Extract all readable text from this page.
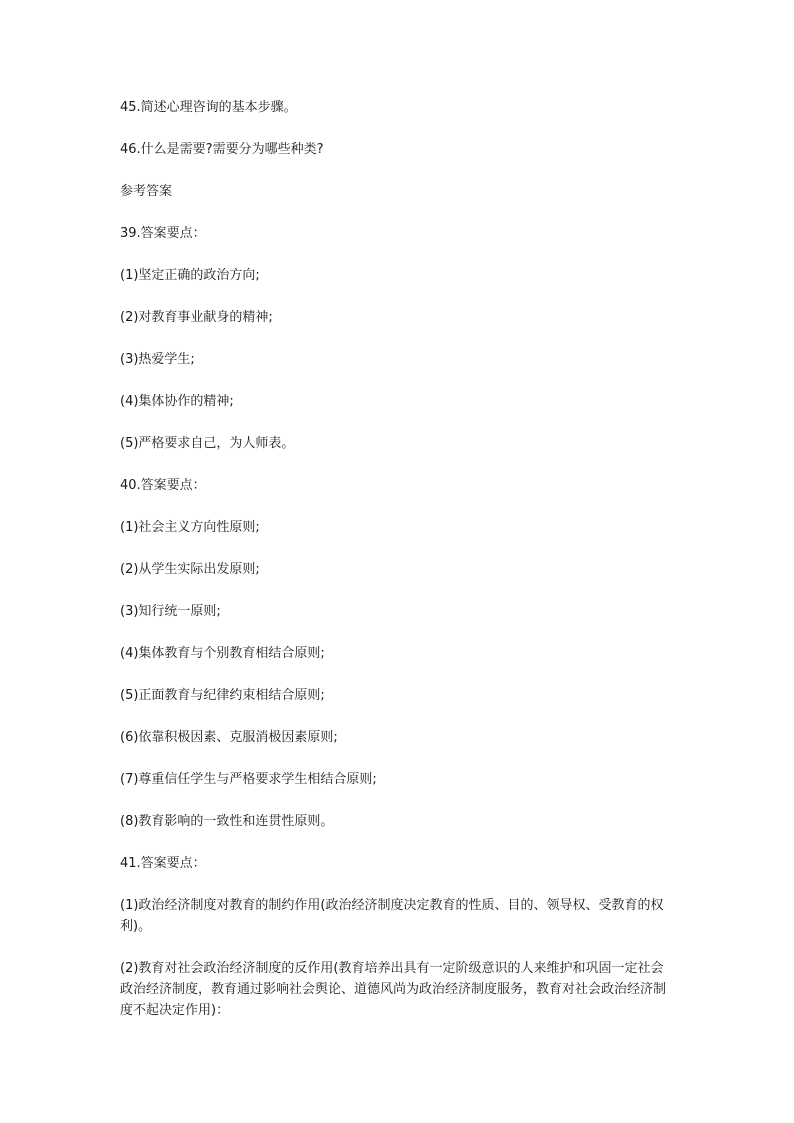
45.简述心理咨询的基本步骤。

46.什么是需要?需要分为哪些种类?

参考答案

39.答案要点：

(1)坚定正确的政治方向;

(2)对教育事业献身的精神;

(3)热爱学生;

(4)集体协作的精神;

(5)严格要求自己，为人师表。

40.答案要点：

(1)社会主义方向性原则;

(2)从学生实际出发原则;

(3)知行统一原则;

(4)集体教育与个别教育相结合原则;

(5)正面教育与纪律约束相结合原则;

(6)依靠积极因素、克服消极因素原则;

(7)尊重信任学生与严格要求学生相结合原则;

(8)教育影响的一致性和连贯性原则。

41.答案要点：

(1)政治经济制度对教育的制约作用(政治经济制度决定教育的性质、目的、领导权、受教育的权利)。

(2)教育对社会政治经济制度的反作用(教育培养出具有一定阶级意识的人来维护和巩固一定社会政治经济制度，教育通过影响社会舆论、道德风尚为政治经济制度服务，教育对社会政治经济制度不起决定作用)：
